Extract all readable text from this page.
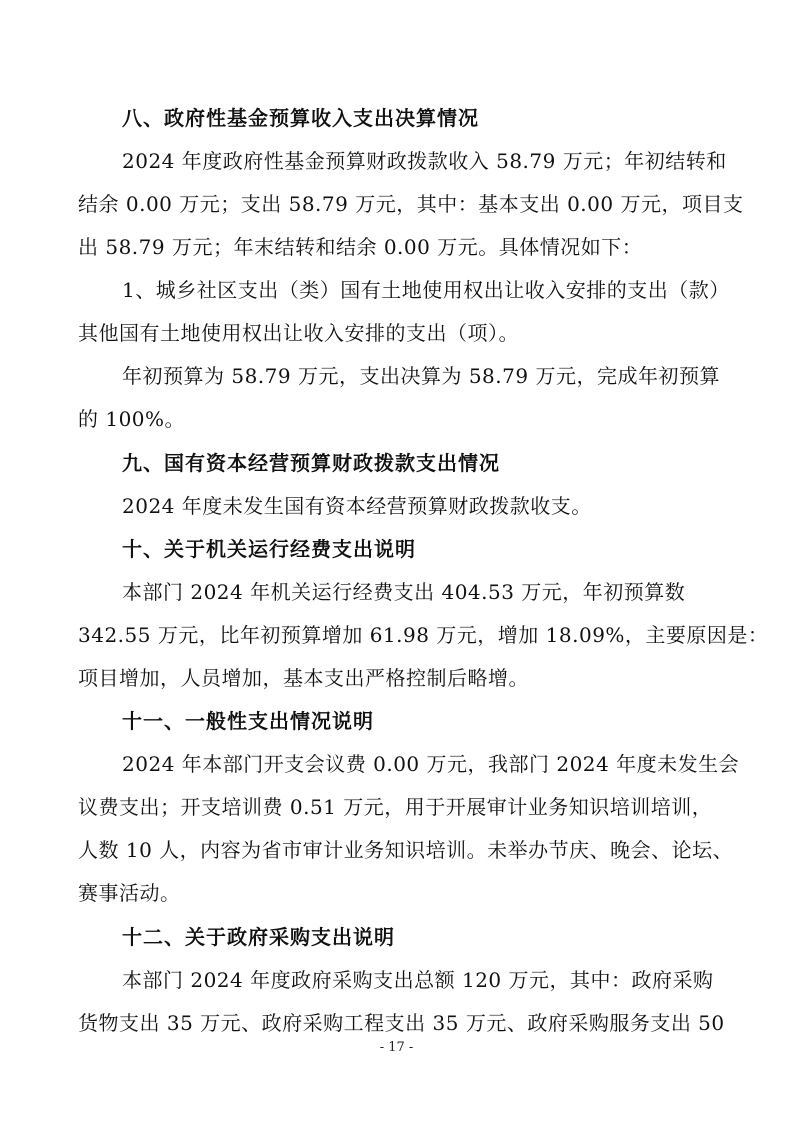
八、政府性基金预算收入支出决算情况
2024 年度政府性基金预算财政拨款收入 58.79 万元；年初结转和
结余 0.00 万元；支出 58.79 万元，其中：基本支出 0.00 万元，项目支
出 58.79 万元；年末结转和结余 0.00 万元。具体情况如下：
1、城乡社区支出（类）国有土地使用权出让收入安排的支出（款）
其他国有土地使用权出让收入安排的支出（项）。
年初预算为 58.79 万元，支出决算为 58.79 万元，完成年初预算
的 100%。
九、国有资本经营预算财政拨款支出情况
2024 年度未发生国有资本经营预算财政拨款收支。
十、关于机关运行经费支出说明
本部门 2024 年机关运行经费支出 404.53 万元，年初预算数
342.55 万元，比年初预算增加 61.98 万元，增加 18.09%，主要原因是：
项目增加，人员增加，基本支出严格控制后略增。
十一、一般性支出情况说明
2024 年本部门开支会议费 0.00 万元，我部门 2024 年度未发生会
议费支出；开支培训费 0.51 万元，用于开展审计业务知识培训培训，
人数 10 人，内容为省市审计业务知识培训。未举办节庆、晚会、论坛、
赛事活动。
十二、关于政府采购支出说明
本部门 2024 年度政府采购支出总额 120 万元，其中：政府采购
货物支出 35 万元、政府采购工程支出 35 万元、政府采购服务支出 50
- 17 -
